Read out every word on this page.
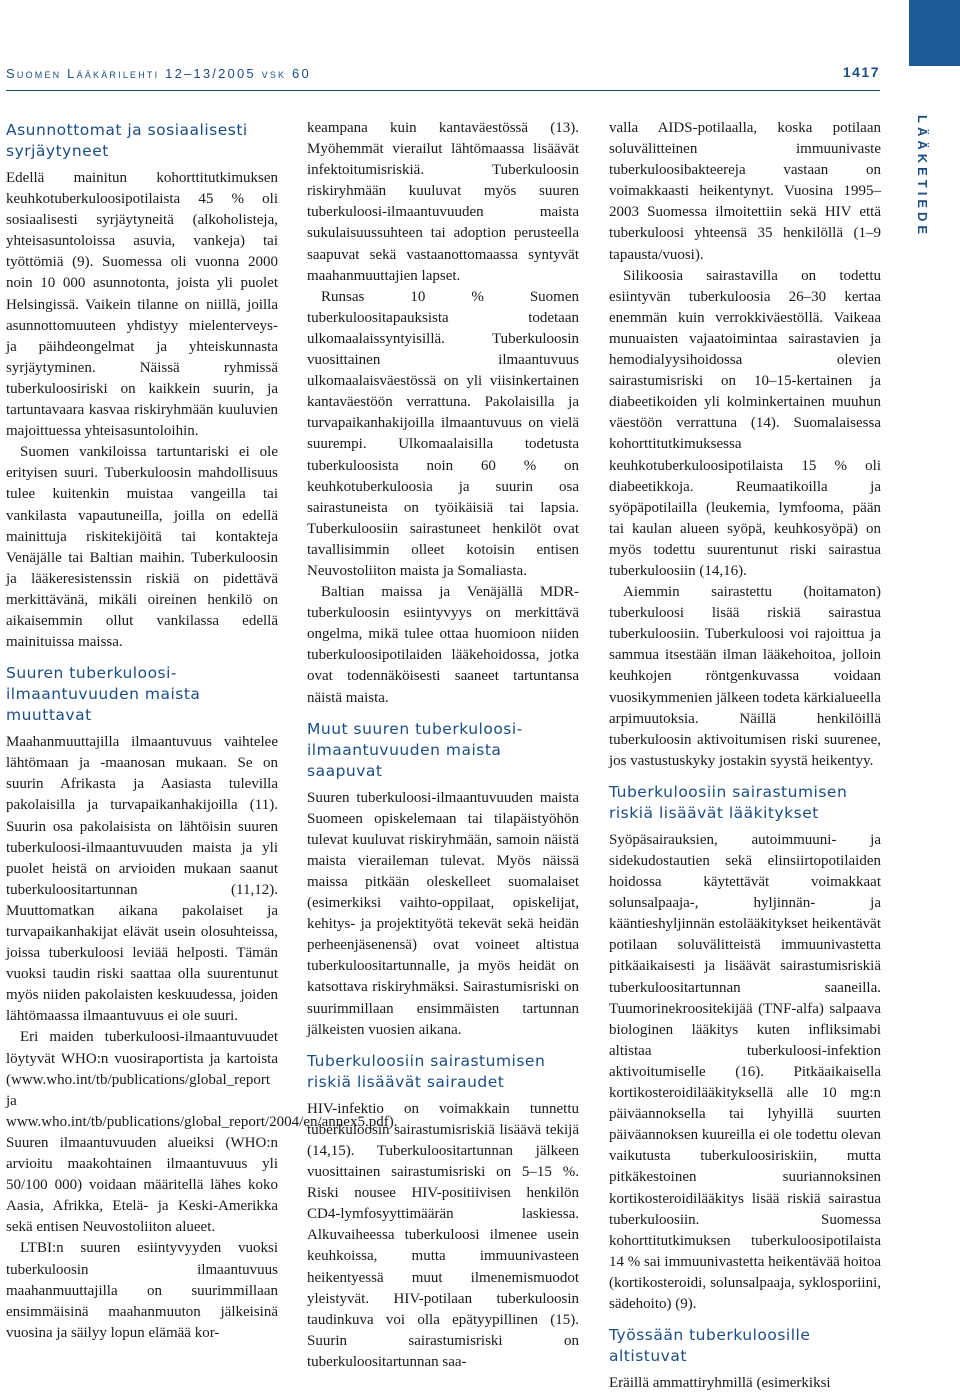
Suomen Lääkärilehti 12–13/2005 vsk 60	1417
LÄÄKETIEDE
Asunnottomat ja sosiaalisesti syrjäytyneet

Edellä mainitun kohorttitutkimuksen keuhkotuberkuloosipotilaista 45 % oli sosiaalisesti syrjäytyneitä (alkoholisteja, yhteisasuntoloissa asuvia, vankeja) tai työttömiä (9). Suomessa oli vuonna 2000 noin 10 000 asunnotonta, joista yli puolet Helsingissä. Vaikein tilanne on niillä, joilla asunnottomuuteen yhdistyy mielenterveys- ja päihdeongelmat ja yhteiskunnasta syrjäytyminen. Näissä ryhmissä tuberkuloosiriski on kaikkein suurin, ja tartuntavaara kasvaa riskiryhmään kuuluvien majoittuessa yhteisasuntoloihin.

Suomen vankiloissa tartuntariski ei ole erityisen suuri. Tuberkuloosin mahdollisuus tulee kuitenkin muistaa vangeilla tai vankilasta vapautuneilla, joilla on edellä mainittuja riskitekijöitä tai kontakteja Venäjälle tai Baltian maihin. Tuberkuloosin ja lääkeresistenssin riskiä on pidettävä merkittävänä, mikäli oireinen henkilö on aikaisemmin ollut vankilassa edellä mainituissa maissa.

Suuren tuberkuloosi-ilmaantuvuuden maista muuttavat

Maahanmuuttajilla ilmaantuvuus vaihtelee lähtömaan ja -maanosan mukaan. Se on suurin Afrikasta ja Aasiasta tulevilla pakolaisilla ja turvapaikanhakijoilla (11). Suurin osa pakolaisista on lähtöisin suuren tuberkuloosi-ilmaantuvuuden maista ja yli puolet heistä on arvioiden mukaan saanut tuberkuloositartunnan (11,12). Muuttomatkan aikana pakolaiset ja turvapaikanhakijat elävät usein olosuhteissa, joissa tuberkuloosi leviää helposti. Tämän vuoksi taudin riski saattaa olla suurentunut myös niiden pakolaisten keskuudessa, joiden lähtömaassa ilmaantuvuus ei ole suuri.

Eri maiden tuberkuloosi-ilmaantuvuudet löytyvät WHO:n vuosiraportista ja kartoista (www.who.int/tb/publications/global_report ja www.who.int/tb/publications/global_report/2004/en/annex5.pdf). Suuren ilmaantuvuuden alueiksi (WHO:n arvioitu maakohtainen ilmaantuvuus yli 50/100 000) voidaan määritellä lähes koko Aasia, Afrikka, Etelä- ja Keski-Amerikka sekä entisen Neuvostoliiton alueet.

LTBI:n suuren esiintyvyyden vuoksi tuberkuloosin ilmaantuvuus maahanmuuttajilla on suurimmillaan ensimmäisinä maahanmuuton jälkeisinä vuosina ja säilyy lopun elämää kor-

keampana kuin kantaväestössä (13). Myöhemmät vierailut lähtömaassa lisäävät infektoitumisriskiä. Tuberkuloosin riskiryhmään kuuluvat myös suuren tuberkuloosi-ilmaantuvuuden maista sukulaisuussuhteen tai adoption perusteella saapuvat sekä vastaanottomaassa syntyvät maahanmuuttajien lapset.

Runsas 10 % Suomen tuberkuloositapauksista todetaan ulkomaalaissyntyisillä. Tuberkuloosin vuosittainen ilmaantuvuus ulkomaalaisväestössä on yli viisinkertainen kantaväestöön verrattuna. Pakolaisilla ja turvapaikanhakijoilla ilmaantuvuus on vielä suurempi. Ulkomaalaisilla todetusta tuberkuloosista noin 60 % on keuhkotuberkuloosia ja suurin osa sairastuneista on työikäisiä tai lapsia. Tuberkuloosiin sairastuneet henkilöt ovat tavallisimmin olleet kotoisin entisen Neuvostoliiton maista ja Somaliasta.

Baltian maissa ja Venäjällä MDR-tuberkuloosin esiintyvyys on merkittävä ongelma, mikä tulee ottaa huomioon niiden tuberkuloosipotilaiden lääkehoidossa, jotka ovat todennäköisesti saaneet tartuntansa näistä maista.

Muut suuren tuberkuloosi-ilmaantuvuuden maista saapuvat

Suuren tuberkuloosi-ilmaantuvuuden maista Suomeen opiskelemaan tai tilapäistyöhön tulevat kuuluvat riskiryhmään, samoin näistä maista vieraileman tulevat. Myös näissä maissa pitkään oleskelleet suomalaiset (esimerkiksi vaihto-oppilaat, opiskelijat, kehitys- ja projektityötä tekevät sekä heidän perheenjäsenensä) ovat voineet altistua tuberkuloositartunnalle, ja myös heidät on katsottava riskiryhmäksi. Sairastumisriski on suurimmillaan ensimmäisten tartunnan jälkeisten vuosien aikana.

Tuberkuloosiin sairastumisen riskiä lisäävät sairaudet

HIV-infektio on voimakkain tunnettu tuberkuloosin sairastumisriskiä lisäävä tekijä (14,15). Tuberkuloositartunnan jälkeen vuosittainen sairastumisriski on 5–15 %. Riski nousee HIV-positiivisen henkilön CD4-lymfosyyttimäärän laskiessa. Alkuvaiheessa tuberkuloosi ilmenee usein keuhkoissa, mutta immuunivasteen heikentyessä muut ilmenemismuodot yleistyvät. HIV-potilaan tuberkuloosin taudinkuva voi olla epätyypillinen (15). Suurin sairastumisriski on tuberkuloositartunnan saa-

valla AIDS-potilaalla, koska potilaan soluvälitteinen immuunivaste tuberkuloosibakteereja vastaan on voimakkaasti heikentynyt. Vuosina 1995–2003 Suomessa ilmoitettiin sekä HIV että tuberkuloosi yhteensä 35 henkilöllä (1–9 tapausta/vuosi).

Silikoosia sairastavilla on todettu esiintyvän tuberkuloosia 26–30 kertaa enemmän kuin verrokkiväestöllä. Vaikeaa munuaisten vajaatoimintaa sairastavien ja hemodialyysihoidossa olevien sairastumisriski on 10–15-kertainen ja diabeetikoiden yli kolminkertainen muuhun väestöön verrattuna (14). Suomalaisessa kohorttitutkimuksessa keuhkotuberkuloosipotilaista 15 % oli diabeetikkoja. Reumaatikoilla ja syöpäpotilailla (leukemia, lymfooma, pään tai kaulan alueen syöpä, keuhkosyöpä) on myös todettu suurentunut riski sairastua tuberkuloosiin (14,16).

Aiemmin sairastettu (hoitamaton) tuberkuloosi lisää riskiä sairastua tuberkuloosiin. Tuberkuloosi voi rajoittua ja sammua itsestään ilman lääkehoitoa, jolloin keuhkojen röntgenkuvassa voidaan vuosikymmenien jälkeen todeta kärkialueella arpimuutoksia. Näillä henkilöillä tuberkuloosin aktivoitumisen riski suurenee, jos vastustuskyky jostakin syystä heikentyy.

Tuberkuloosiin sairastumisen riskiä lisäävät lääkitykset

Syöpäsairauksien, autoimmuuni- ja sidekudostautien sekä elinsiirtopotilaiden hoidossa käytettävät voimakkaat solunsalpaaja-, hyljinnän- ja kääntieshyljinnän estolääkitykset heikentävät potilaan soluvälitteistä immuunivastetta pitkäaikaisesti ja lisäävät sairastumisriskiä tuberkuloositartunnan saaneilla. Tuumorinekroositekijää (TNF-alfa) salpaava biologinen lääkitys kuten infliksimabi altistaa tuberkuloosi-infektion aktivoitumiselle (16). Pitkäaikaisella kortikosteroidilääkityksellä alle 10 mg:n päiväannoksella tai lyhyillä suurten päiväannoksen kuureilla ei ole todettu olevan vaikutusta tuberkuloosiriskiin, mutta pitkäkestoinen suuriannoksinen kortikosteroidilääkitys lisää riskiä sairastua tuberkuloosiin. Suomessa kohorttitutkimuksen tuberkuloosipotilaista 14 % sai immuunivastetta heikentävää hoitoa (kortikosteroidi, solunsalpaaja, syklosporiini, sädehoito) (9).

Työssään tuberkuloosille altistuvat

Eräillä ammattiryhmillä (esimerkiksi
